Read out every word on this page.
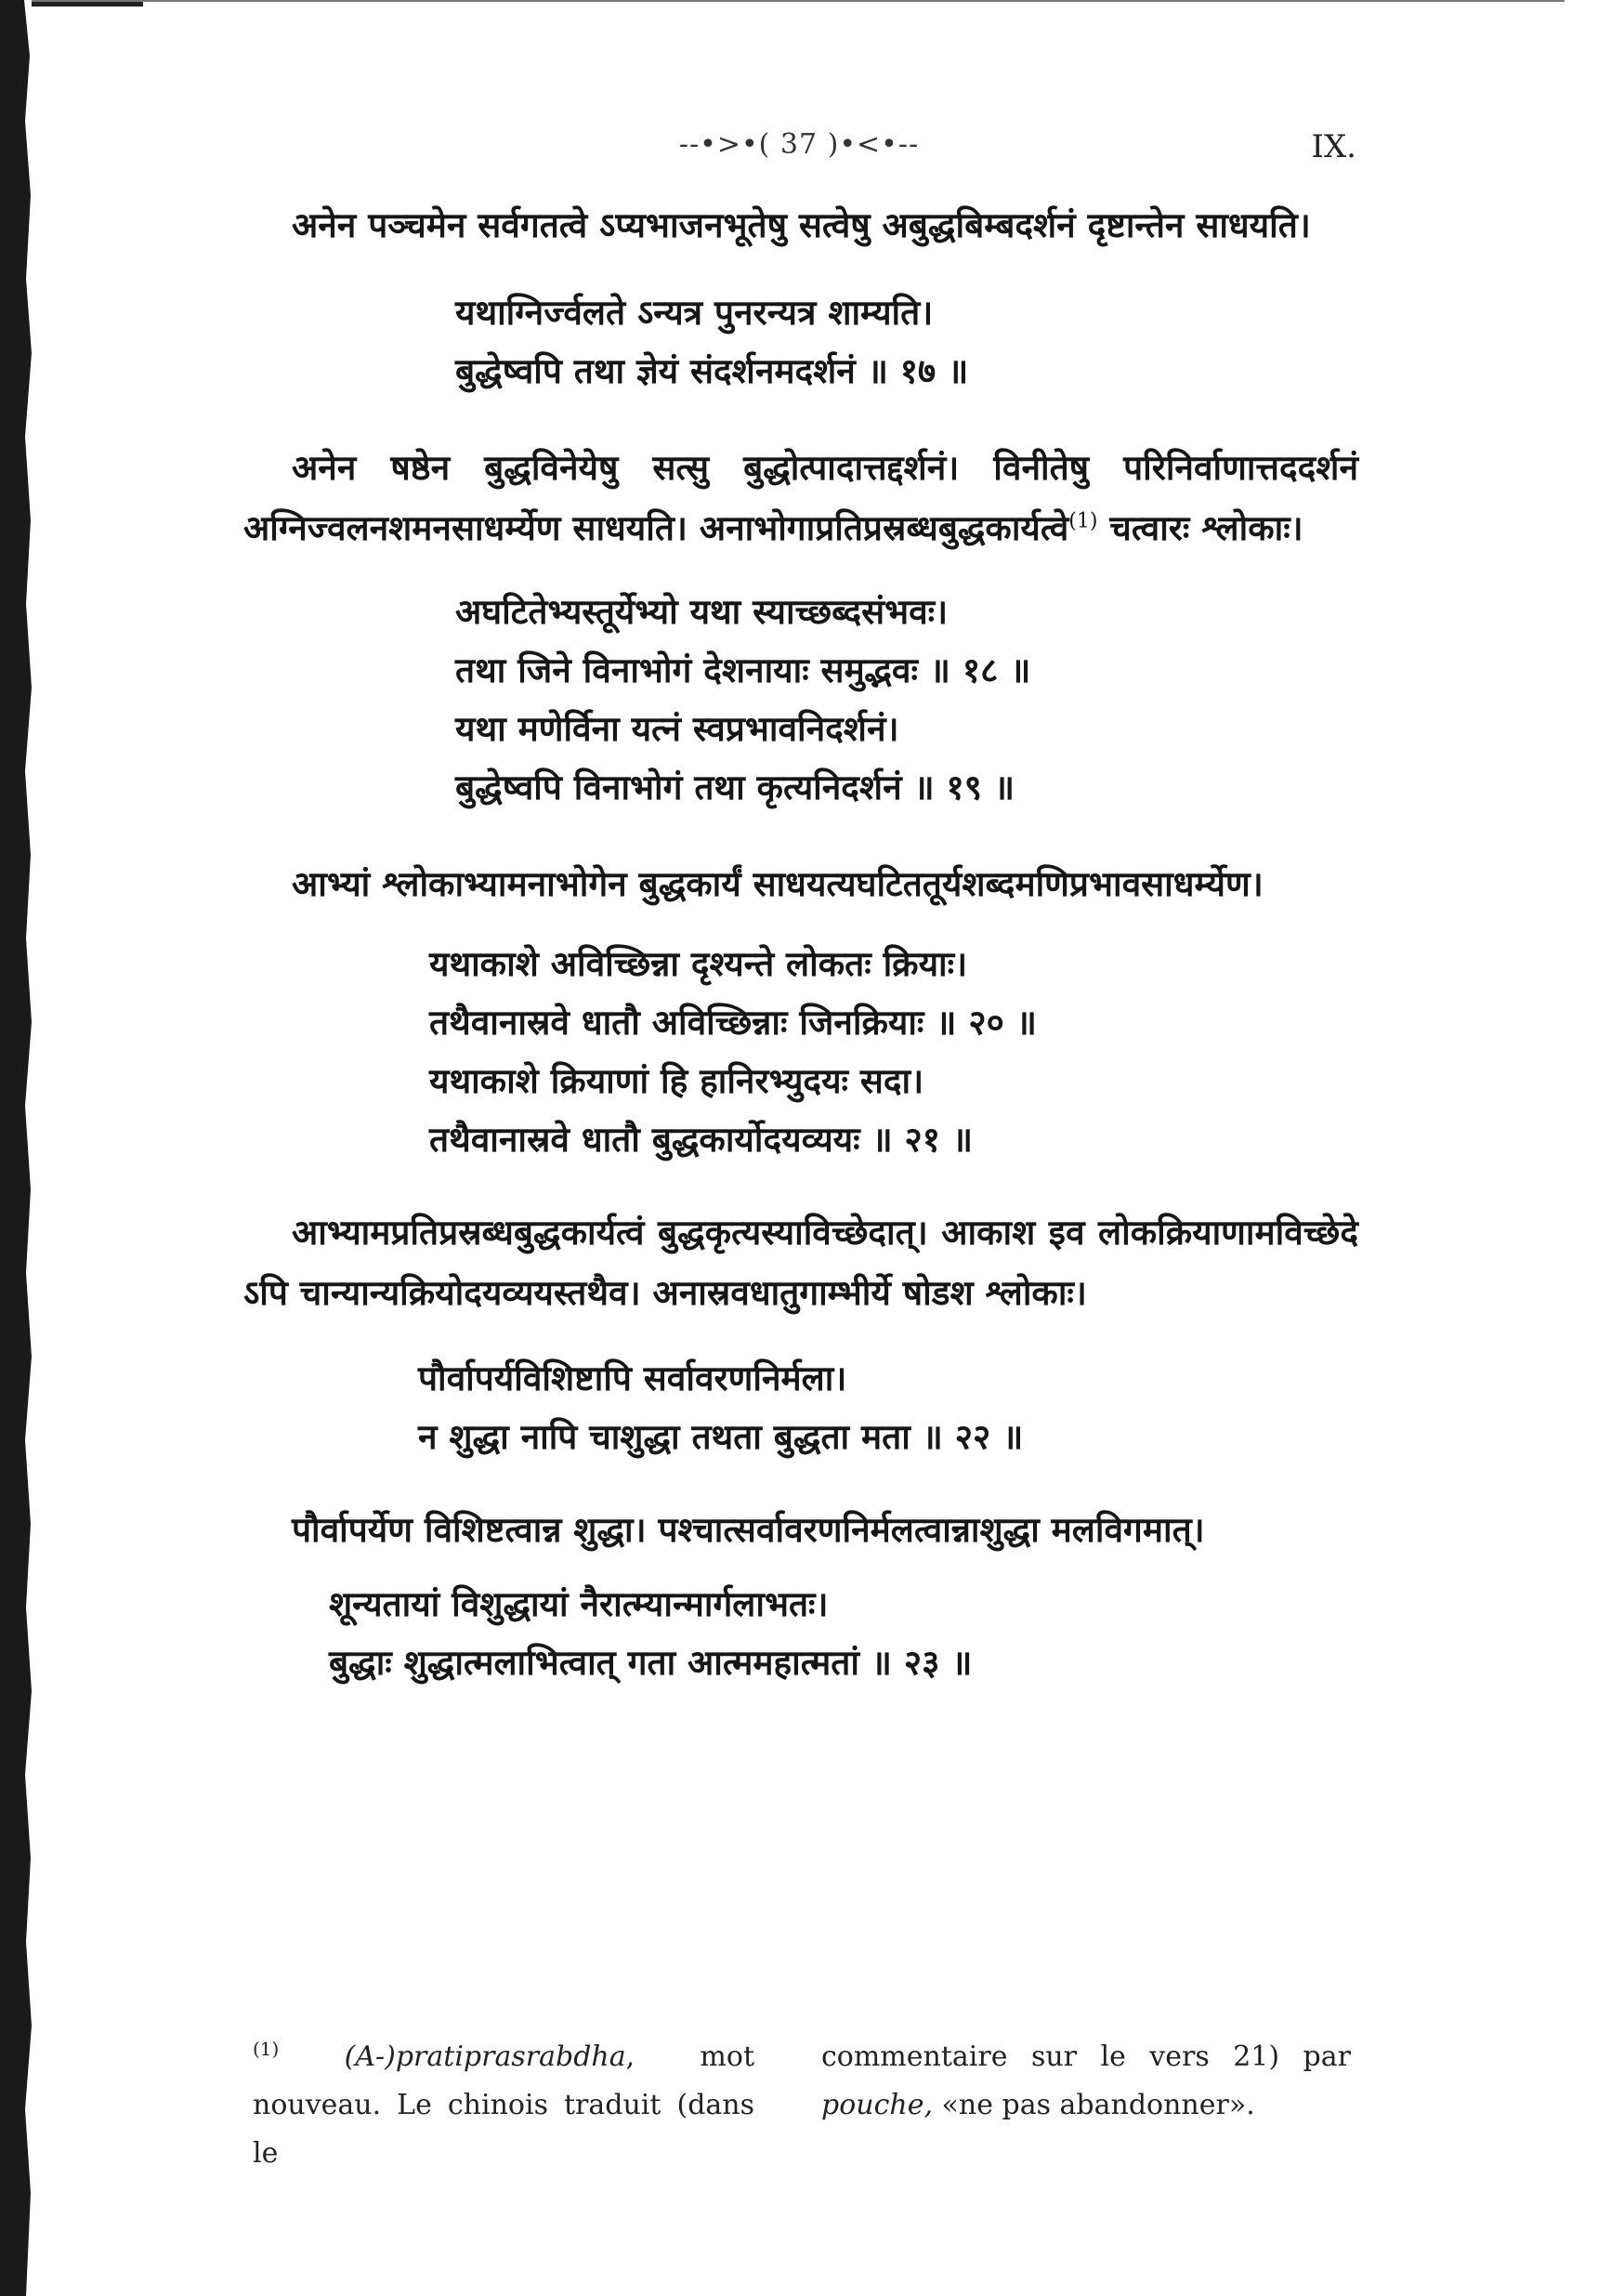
--•>•( 37 )•<•--	IX.

अनेन पञ्चमेन सर्वगतत्वे ऽप्यभाजनभूतेषु सत्वेषु अबुद्धबिम्बदर्शनं दृष्टान्तेन साधयति।

यथाग्निर्ज्वलते ऽन्यत्र पुनरन्यत्र शाम्यति।
बुद्धेष्वपि तथा ज्ञेयं संदर्शनमदर्शनं ॥ १७ ॥

अनेन षष्ठेन बुद्धविनेयेषु सत्सु बुद्धोत्पादात्तद्दर्शनं। विनीतेषु परिनिर्वाणात्तददर्शनं अग्निज्वलनशमनसाधर्म्येण साधयति। अनाभोगाप्रतिप्रस्रब्धबुद्धकार्यत्वे$^{(1)}$ चत्वारः श्लोकाः।

अघटितेभ्यस्तूर्येभ्यो यथा स्याच्छब्दसंभवः।
तथा जिने विनाभोगं देशनायाः समुद्भवः ॥ १८ ॥
यथा मणेर्विना यत्नं स्वप्रभावनिदर्शनं।
बुद्धेष्वपि विनाभोगं तथा कृत्यनिदर्शनं ॥ १९ ॥

आभ्यां श्लोकाभ्यामनाभोगेन बुद्धकार्यं साधयत्यघटिततूर्यशब्दमणिप्रभावसाधर्म्येण।

यथाकाशे अविच्छिन्ना दृश्यन्ते लोकतः क्रियाः।
तथैवानास्रवे धातौ अविच्छिन्नाः जिनक्रियाः ॥ २० ॥
यथाकाशे क्रियाणां हि हानिरभ्युदयः सदा।
तथैवानास्रवे धातौ बुद्धकार्योदयव्ययः ॥ २१ ॥

आभ्यामप्रतिप्रस्रब्धबुद्धकार्यत्वं बुद्धकृत्यस्याविच्छेदात्। आकाश इव लोकक्रियाणामविच्छेदे ऽपि चान्यान्यक्रियोदयव्ययस्तथैव। अनास्रवधातुगाम्भीर्ये षोडश श्लोकाः।

पौर्वापर्यविशिष्टापि सर्वावरणनिर्मला।
न शुद्धा नापि चाशुद्धा तथता बुद्धता मता ॥ २२ ॥

पौर्वापर्येण विशिष्टत्वान्न शुद्धा। पश्चात्सर्वावरणनिर्मलत्वान्नाशुद्धा मलविगमात्।

शून्यतायां विशुद्धायां नैरात्म्यान्मार्गलाभतः।
बुद्धाः शुद्धात्मलाभित्वात् गता आत्ममहात्मतां ॥ २३ ॥
$^{(1)}$ (A-)pratiprasrabdha, mot nouveau. Le chinois traduit (dans le
commentaire sur le vers 21) par pouche, «ne pas abandonner».
